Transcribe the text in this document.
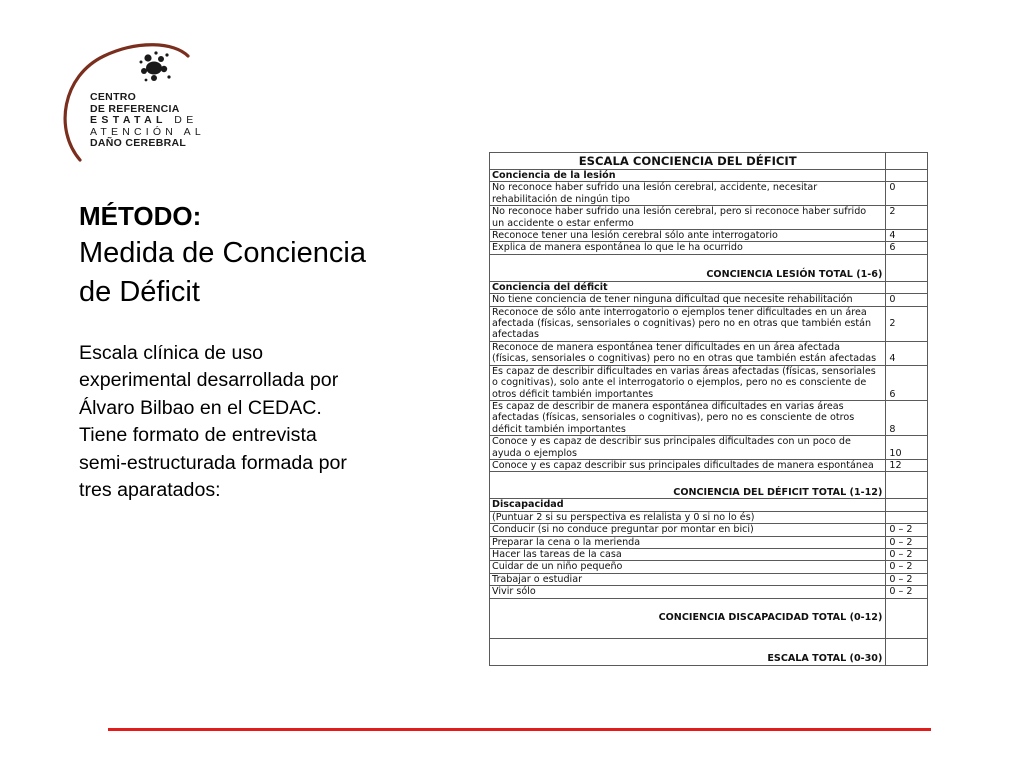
CENTRO
DE REFERENCIA
ESTATAL DE
ATENCIÓN AL
DAÑO CEREBRAL
MÉTODO:
Medida de Conciencia
de Déficit
Escala clínica de uso
experimental desarrollada por
Álvaro Bilbao en el CEDAC.
Tiene formato de entrevista
semi-estructurada formada por
tres aparatados:
ESCALA CONCIENCIA DEL DÉFICIT	
Conciencia de la lesión	

No reconoce haber sufrido una lesión cerebral, accidente, necesitar
rehabilitación de ningún tipo	0

No reconoce haber sufrido una lesión cerebral, pero si reconoce haber sufrido
un accidente o estar enfermo	2

Reconoce tener una lesión cerebral sólo ante interrogatorio	4

Explica de manera espontánea lo que le ha ocurrido	6
CONCIENCIA LESIÓN TOTAL (1-6)	
Conciencia del déficit	

No tiene conciencia de tener ninguna dificultad que necesite rehabilitación	0

Reconoce de sólo ante interrogatorio o ejemplos tener dificultades en un área
afectada (físicas, sensoriales o cognitivas) pero no en otras que también están
afectadas	2

Reconoce de manera espontánea tener dificultades en un área afectada
(físicas, sensoriales o cognitivas) pero no en otras que también están afectadas	4

Es capaz de describir dificultades en varias áreas afectadas (físicas, sensoriales
o cognitivas), solo ante el interrogatorio o ejemplos, pero no es consciente de
otros déficit también importantes	6

Es capaz de describir de manera espontánea dificultades en varias áreas
afectadas (físicas, sensoriales o cognitivas), pero no es consciente de otros
déficit también importantes	8

Conoce y es capaz de describir sus principales dificultades con un poco de
ayuda o ejemplos	10

Conoce y es capaz describir sus principales dificultades de manera espontánea	12
CONCIENCIA DEL DÉFICIT TOTAL (1-12)	
Discapacidad	

(Puntuar 2 si su perspectiva es relalista y 0 si no lo és)	

Conducir (si no conduce preguntar por montar en bici)	0 – 2

Preparar la cena o la merienda	0 – 2

Hacer las tareas de la casa	0 – 2

Cuidar de un niño pequeño	0 – 2

Trabajar o estudiar	0 – 2

Vivir sólo	0 – 2
CONCIENCIA DISCAPACIDAD TOTAL (0-12)	
ESCALA TOTAL (0-30)	
